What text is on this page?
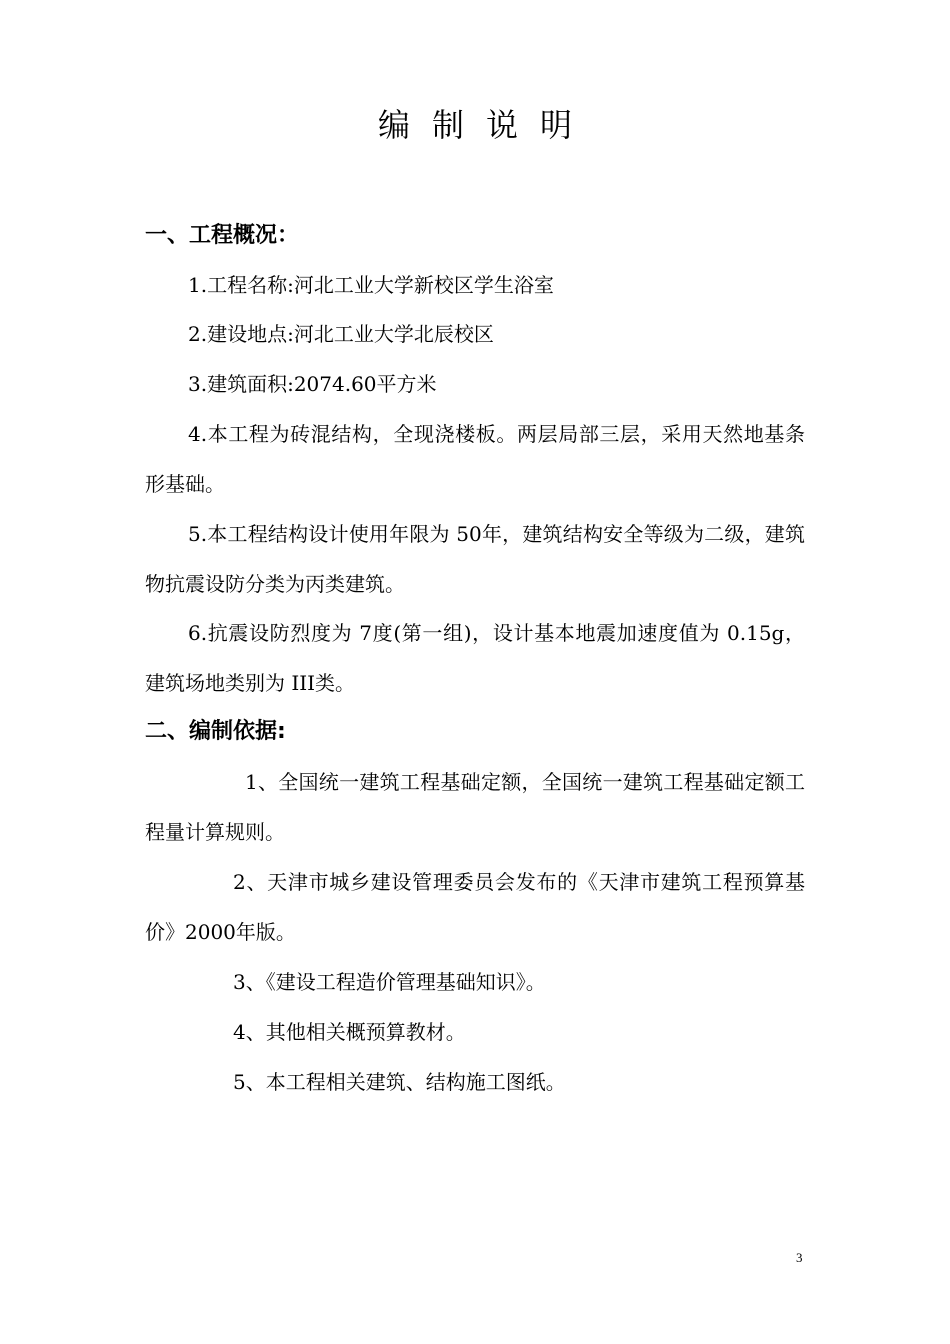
编制说明
一、工程概况：
1.工程名称:河北工业大学新校区学生浴室
2.建设地点:河北工业大学北辰校区
3.建筑面积:2074.60平方米
4.本工程为砖混结构，全现浇楼板。两层局部三层，采用天然地基条形基础。
5.本工程结构设计使用年限为 50年，建筑结构安全等级为二级，建筑物抗震设防分类为丙类建筑。
6.抗震设防烈度为 7度(第一组)，设计基本地震加速度值为 0.15g， 建筑场地类别为 III类。
二、编制依据:
1、全国统一建筑工程基础定额，全国统一建筑工程基础定额工程量计算规则。
2、天津市城乡建设管理委员会发布的《天津市建筑工程预算基价》2000年版。
3、《建设工程造价管理基础知识》。
4、其他相关概预算教材。
5、本工程相关建筑、结构施工图纸。
3
